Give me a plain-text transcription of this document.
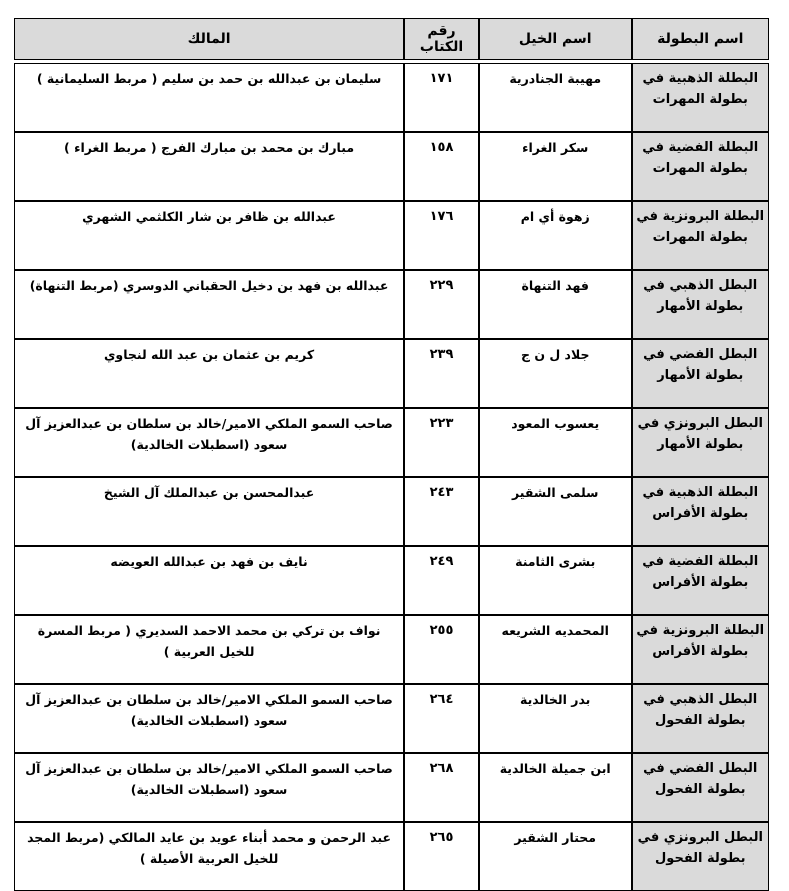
المالك	رقم الكتاب	اسم الخيل	اسم البطولة

سليمان بن عبدالله بن حمد بن سليم ( مربط السليمانية )	١٧١	مهيبة الجنادرية	البطلة الذهبية في بطولة المهرات
مبارك بن محمد بن مبارك الفرج ( مربط الغراء )	١٥٨	سكر الغراء	البطلة الفضية في بطولة المهرات
عبدالله بن ظافر بن شار الكلثمي الشهري	١٧٦	زهوة أي ام	البطلة البرونزية في بطولة المهرات
عبدالله بن فهد بن دخيل الحقباني الدوسري (مربط التنهاة)	٢٢٩	فهد التنهاة	البطل الذهبي في بطولة الأمهار
كريم بن عثمان بن عبد الله لنجاوي	٢٣٩	جلاد ل ن ج	البطل الفضي في بطولة الأمهار
صاحب السمو الملكي الامير/خالد بن سلطان بن عبدالعزيز آل سعود (اسطبلات الخالدية)	٢٢٣	يعسوب المعود	البطل البرونزي في بطولة الأمهار
عبدالمحسن بن عبدالملك آل الشيخ	٢٤٣	سلمى الشقير	البطلة الذهبية في بطولة الأفراس
نايف بن فهد بن عبدالله العويضه	٢٤٩	بشرى الثامنة	البطلة الفضية في بطولة الأفراس
نواف بن تركي بن محمد الاحمد السديري ( مربط المسرة للخيل العربية )	٢٥٥	المحمديه الشريعه	البطلة البرونزية في بطولة الأفراس
صاحب السمو الملكي الامير/خالد بن سلطان بن عبدالعزيز آل سعود (اسطبلات الخالدية)	٢٦٤	بدر الخالدية	البطل الذهبي في بطولة الفحول
صاحب السمو الملكي الامير/خالد بن سلطان بن عبدالعزيز آل سعود (اسطبلات الخالدية)	٢٦٨	ابن جميلة الخالدية	البطل الفضي في بطولة الفحول
عبد الرحمن و محمد أبناء عويد بن عايد المالكي (مربط المجد للخيل العربية الأصيلة )	٢٦٥	محتار الشقير	البطل البرونزي في بطولة الفحول
